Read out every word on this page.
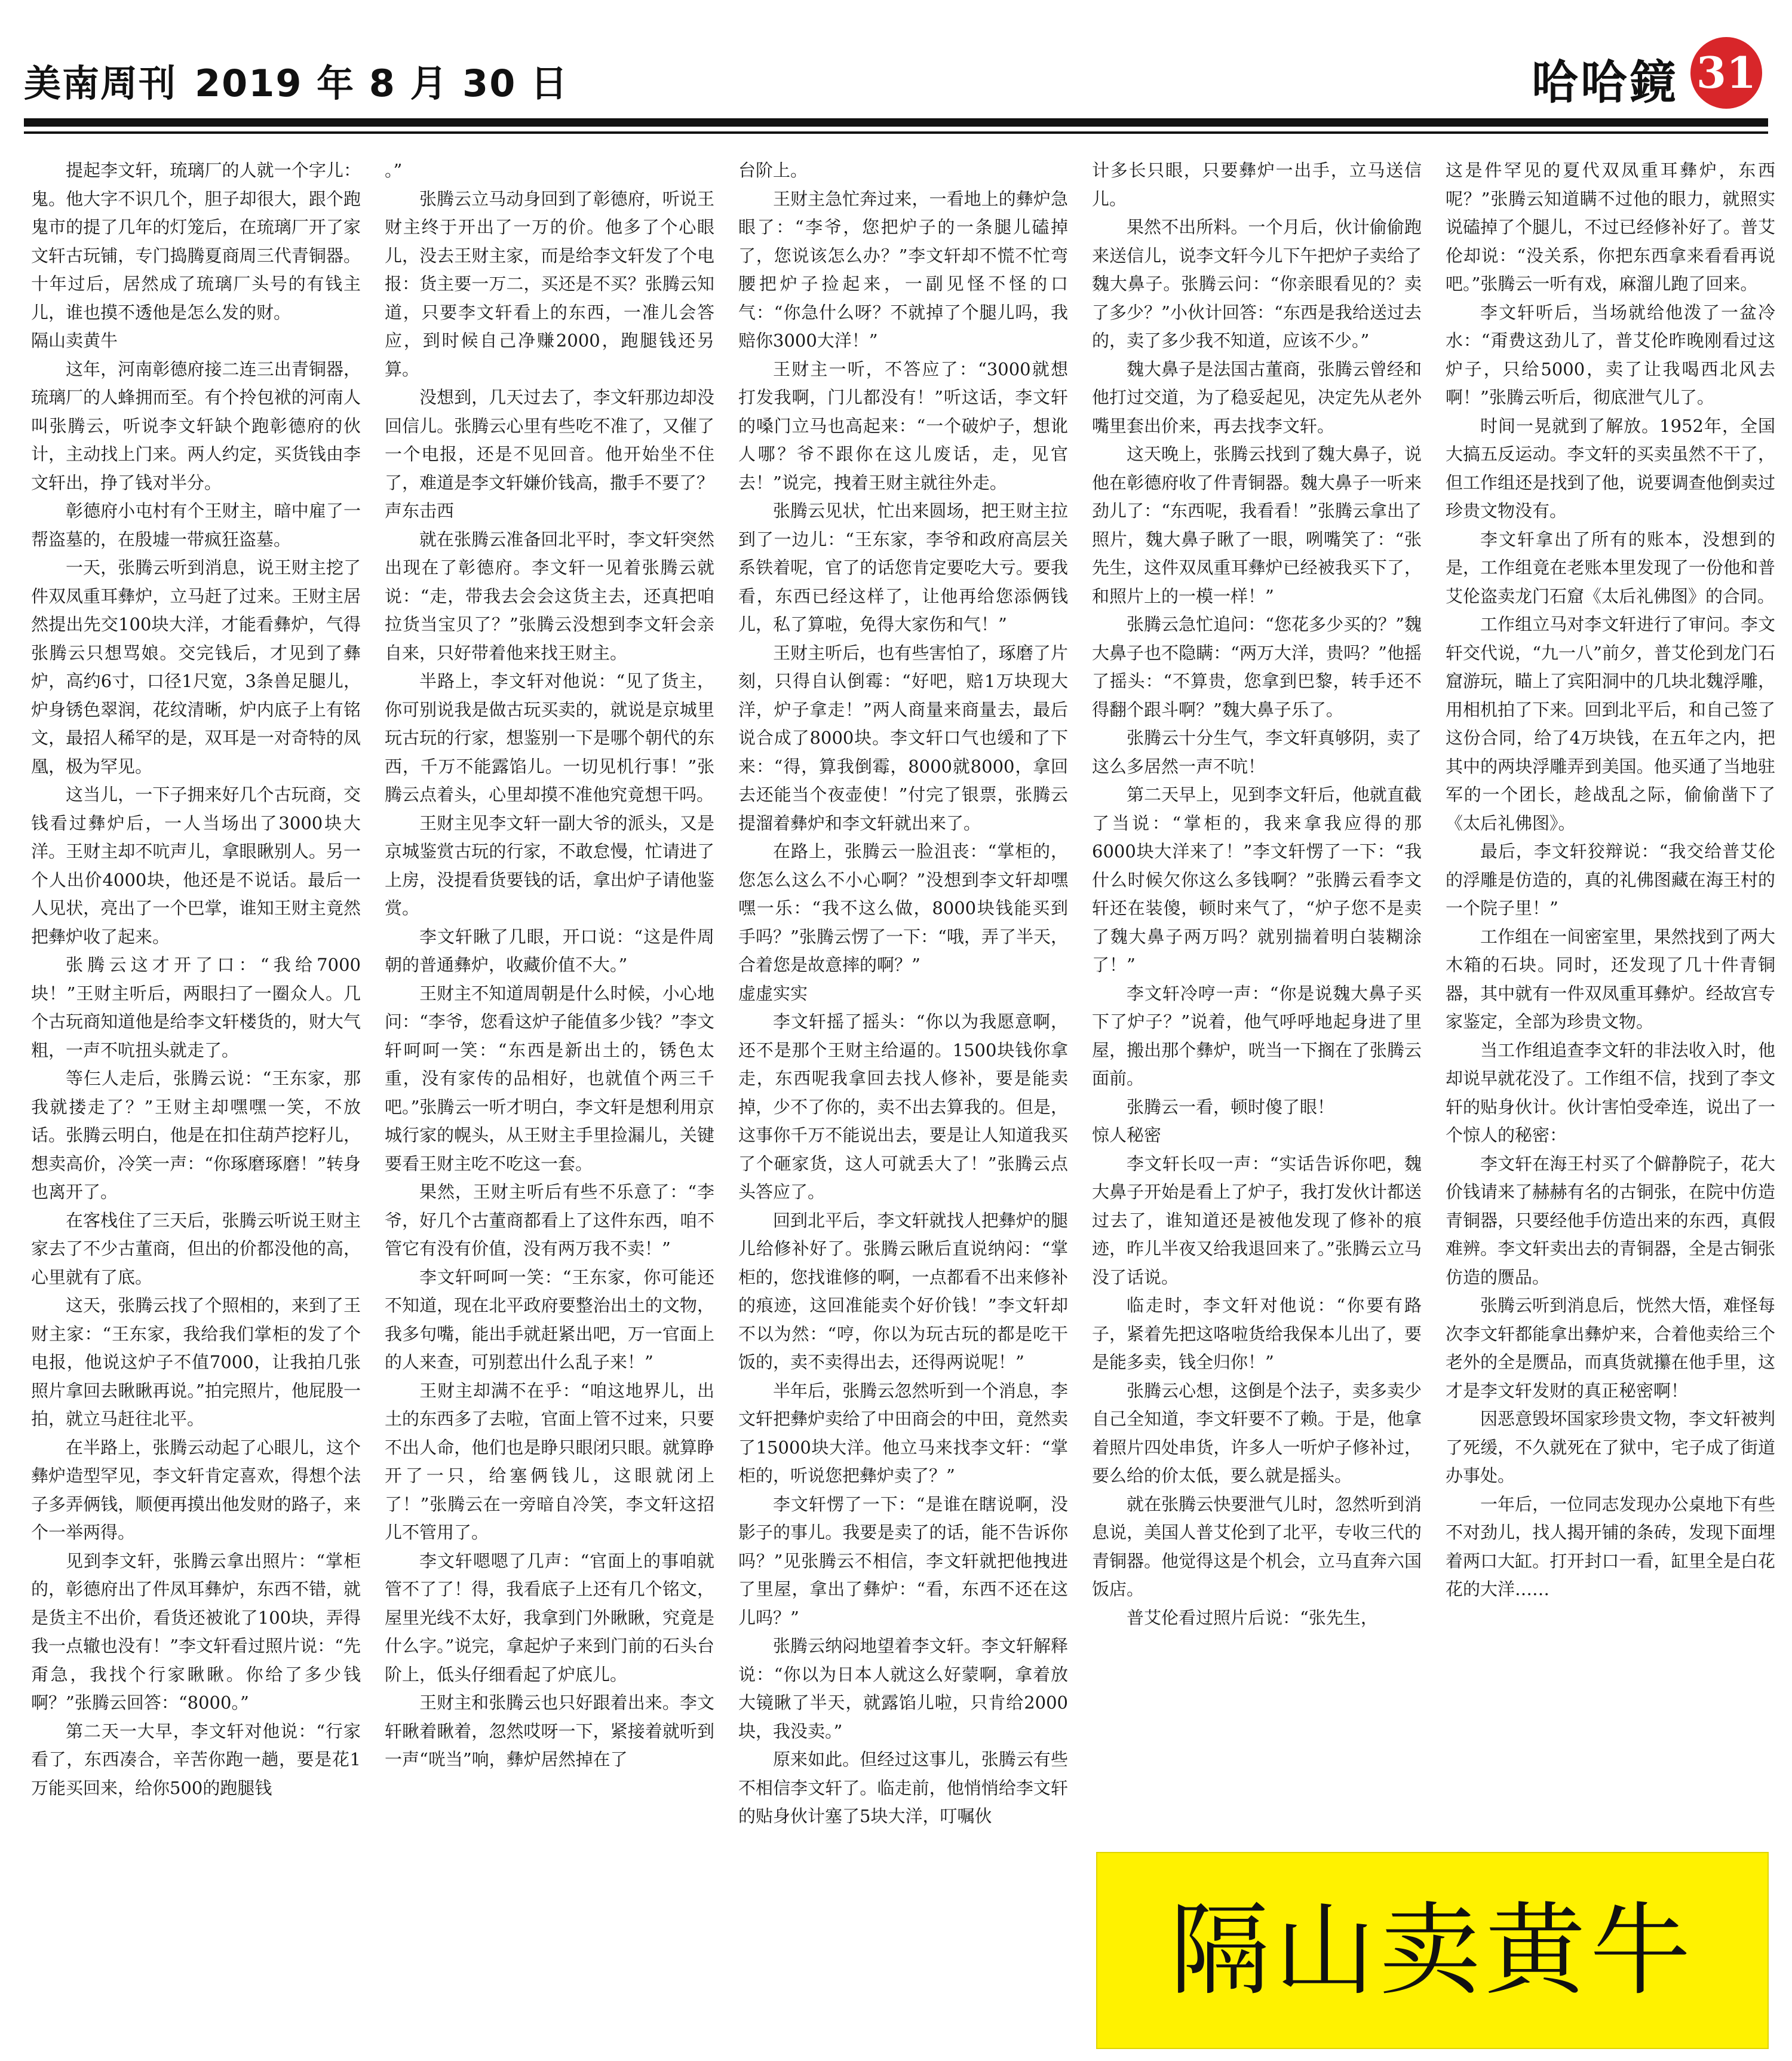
美南周刊 2019 年 8 月 30 日	哈哈鏡 31

提起李文轩，琉璃厂的人就一个字儿：鬼。他大字不识几个，胆子却很大，跟个跑鬼市的提了几年的灯笼后，在琉璃厂开了家文轩古玩铺，专门捣腾夏商周三代青铜器。十年过后，居然成了琉璃厂头号的有钱主儿，谁也摸不透他是怎么发的财。

隔山卖黄牛

这年，河南彰德府接二连三出青铜器，琉璃厂的人蜂拥而至。有个拎包袱的河南人叫张腾云，听说李文轩缺个跑彰德府的伙计，主动找上门来。两人约定，买货钱由李文轩出，挣了钱对半分。

彰德府小屯村有个王财主，暗中雇了一帮盗墓的，在殷墟一带疯狂盗墓。

一天，张腾云听到消息，说王财主挖了件双凤重耳彝炉，立马赶了过来。王财主居然提出先交100块大洋，才能看彝炉，气得张腾云只想骂娘。交完钱后，才见到了彝炉，高约6寸，口径1尺宽，3条兽足腿儿，炉身锈色翠润，花纹清晰，炉内底子上有铭文，最招人稀罕的是，双耳是一对奇特的凤凰，极为罕见。

这当儿，一下子拥来好几个古玩商，交钱看过彝炉后，一人当场出了3000块大洋。王财主却不吭声儿，拿眼瞅别人。另一个人出价4000块，他还是不说话。最后一人见状，亮出了一个巴掌，谁知王财主竟然把彝炉收了起来。

张腾云这才开了口：“我给7000块！”王财主听后，两眼扫了一圈众人。几个古玩商知道他是给李文轩楼货的，财大气粗，一声不吭扭头就走了。

等仨人走后，张腾云说：“王东家，那我就搂走了？”王财主却嘿嘿一笑，不放话。张腾云明白，他是在扣住葫芦挖籽儿，想卖高价，冷笑一声：“你琢磨琢磨！”转身也离开了。

在客栈住了三天后，张腾云听说王财主家去了不少古董商，但出的价都没他的高，心里就有了底。

这天，张腾云找了个照相的，来到了王财主家：“王东家，我给我们掌柜的发了个电报，他说这炉子不值7000，让我拍几张照片拿回去瞅瞅再说。”拍完照片，他屁股一拍，就立马赶往北平。

在半路上，张腾云动起了心眼儿，这个彝炉造型罕见，李文轩肯定喜欢，得想个法子多弄俩钱，顺便再摸出他发财的路子，来个一举两得。

见到李文轩，张腾云拿出照片：“掌柜的，彰德府出了件凤耳彝炉，东西不错，就是货主不出价，看货还被讹了100块，弄得我一点辙也没有！”李文轩看过照片说：“先甭急，我找个行家瞅瞅。你给了多少钱啊？”张腾云回答：“8000。”

第二天一大早，李文轩对他说：“行家看了，东西凑合，辛苦你跑一趟，要是花1万能买回来，给你500的跑腿钱

。”

张腾云立马动身回到了彰德府，听说王财主终于开出了一万的价。他多了个心眼儿，没去王财主家，而是给李文轩发了个电报：货主要一万二，买还是不买？张腾云知道，只要李文轩看上的东西，一准儿会答应，到时候自己净赚2000，跑腿钱还另算。

没想到，几天过去了，李文轩那边却没回信儿。张腾云心里有些吃不准了，又催了一个电报，还是不见回音。他开始坐不住了，难道是李文轩嫌价钱高，撒手不要了？

声东击西

就在张腾云准备回北平时，李文轩突然出现在了彰德府。李文轩一见着张腾云就说：“走，带我去会会这货主去，还真把咱拉货当宝贝了？”张腾云没想到李文轩会亲自来，只好带着他来找王财主。

半路上，李文轩对他说：“见了货主，你可别说我是做古玩买卖的，就说是京城里玩古玩的行家，想鉴别一下是哪个朝代的东西，千万不能露馅儿。一切见机行事！”张腾云点着头，心里却摸不准他究竟想干吗。

王财主见李文轩一副大爷的派头，又是京城鉴赏古玩的行家，不敢怠慢，忙请进了上房，没提看货要钱的话，拿出炉子请他鉴赏。

李文轩瞅了几眼，开口说：“这是件周朝的普通彝炉，收藏价值不大。”

王财主不知道周朝是什么时候，小心地问：“李爷，您看这炉子能值多少钱？”李文轩呵呵一笑：“东西是新出土的，锈色太重，没有家传的品相好，也就值个两三千吧。”张腾云一听才明白，李文轩是想利用京城行家的幌头，从王财主手里捡漏儿，关键要看王财主吃不吃这一套。

果然，王财主听后有些不乐意了：“李爷，好几个古董商都看上了这件东西，咱不管它有没有价值，没有两万我不卖！”

李文轩呵呵一笑：“王东家，你可能还不知道，现在北平政府要整治出土的文物，我多句嘴，能出手就赶紧出吧，万一官面上的人来查，可别惹出什么乱子来！”

王财主却满不在乎：“咱这地界儿，出土的东西多了去啦，官面上管不过来，只要不出人命，他们也是睁只眼闭只眼。就算睁开了一只，给塞俩钱儿，这眼就闭上了！”张腾云在一旁暗自冷笑，李文轩这招儿不管用了。

李文轩嗯嗯了几声：“官面上的事咱就管不了了！得，我看底子上还有几个铭文，屋里光线不太好，我拿到门外瞅瞅，究竟是什么字。”说完，拿起炉子来到门前的石头台阶上，低头仔细看起了炉底儿。

王财主和张腾云也只好跟着出来。李文轩瞅着瞅着，忽然哎呀一下，紧接着就听到一声“咣当”响，彝炉居然掉在了

台阶上。

王财主急忙奔过来，一看地上的彝炉急眼了：“李爷，您把炉子的一条腿儿磕掉了，您说该怎么办？”李文轩却不慌不忙弯腰把炉子捡起来，一副见怪不怪的口气：“你急什么呀？不就掉了个腿儿吗，我赔你3000大洋！”

王财主一听，不答应了：“3000就想打发我啊，门儿都没有！”听这话，李文轩的嗓门立马也高起来：“一个破炉子，想讹人哪？爷不跟你在这儿废话，走，见官去！”说完，拽着王财主就往外走。

张腾云见状，忙出来圆场，把王财主拉到了一边儿：“王东家，李爷和政府高层关系铁着呢，官了的话您肯定要吃大亏。要我看，东西已经这样了，让他再给您添俩钱儿，私了算啦，免得大家伤和气！”

王财主听后，也有些害怕了，琢磨了片刻，只得自认倒霉：“好吧，赔1万块现大洋，炉子拿走！”两人商量来商量去，最后说合成了8000块。李文轩口气也缓和了下来：“得，算我倒霉，8000就8000，拿回去还能当个夜壶使！”付完了银票，张腾云提溜着彝炉和李文轩就出来了。

在路上，张腾云一脸沮丧：“掌柜的，您怎么这么不小心啊？”没想到李文轩却嘿嘿一乐：“我不这么做，8000块钱能买到手吗？”张腾云愣了一下：“哦，弄了半天，合着您是故意摔的啊？”

虚虚实实

李文轩摇了摇头：“你以为我愿意啊，还不是那个王财主给逼的。1500块钱你拿走，东西呢我拿回去找人修补，要是能卖掉，少不了你的，卖不出去算我的。但是，这事你千万不能说出去，要是让人知道我买了个砸家货，这人可就丢大了！”张腾云点头答应了。

回到北平后，李文轩就找人把彝炉的腿儿给修补好了。张腾云瞅后直说纳闷：“掌柜的，您找谁修的啊，一点都看不出来修补的痕迹，这回准能卖个好价钱！”李文轩却不以为然：“哼，你以为玩古玩的都是吃干饭的，卖不卖得出去，还得两说呢！”

半年后，张腾云忽然听到一个消息，李文轩把彝炉卖给了中田商会的中田，竟然卖了15000块大洋。他立马来找李文轩：“掌柜的，听说您把彝炉卖了？”

李文轩愣了一下：“是谁在瞎说啊，没影子的事儿。我要是卖了的话，能不告诉你吗？”见张腾云不相信，李文轩就把他拽进了里屋，拿出了彝炉：“看，东西不还在这儿吗？”

张腾云纳闷地望着李文轩。李文轩解释说：“你以为日本人就这么好蒙啊，拿着放大镜瞅了半天，就露馅儿啦，只肯给2000块，我没卖。”

原来如此。但经过这事儿，张腾云有些不相信李文轩了。临走前，他悄悄给李文轩的贴身伙计塞了5块大洋，叮嘱伙

计多长只眼，只要彝炉一出手，立马送信儿。

果然不出所料。一个月后，伙计偷偷跑来送信儿，说李文轩今儿下午把炉子卖给了魏大鼻子。张腾云问：“你亲眼看见的？卖了多少？”小伙计回答：“东西是我给送过去的，卖了多少我不知道，应该不少。”

魏大鼻子是法国古董商，张腾云曾经和他打过交道，为了稳妥起见，决定先从老外嘴里套出价来，再去找李文轩。

这天晚上，张腾云找到了魏大鼻子，说他在彰德府收了件青铜器。魏大鼻子一听来劲儿了：“东西呢，我看看！”张腾云拿出了照片，魏大鼻子瞅了一眼，咧嘴笑了：“张先生，这件双凤重耳彝炉已经被我买下了，和照片上的一模一样！”

张腾云急忙追问：“您花多少买的？”魏大鼻子也不隐瞒：“两万大洋，贵吗？”他摇了摇头：“不算贵，您拿到巴黎，转手还不得翻个跟斗啊？”魏大鼻子乐了。

张腾云十分生气，李文轩真够阴，卖了这么多居然一声不吭！

第二天早上，见到李文轩后，他就直截了当说：“掌柜的，我来拿我应得的那6000块大洋来了！”李文轩愣了一下：“我什么时候欠你这么多钱啊？”张腾云看李文轩还在装傻，顿时来气了，“炉子您不是卖了魏大鼻子两万吗？就别揣着明白装糊涂了！”

李文轩冷哼一声：“你是说魏大鼻子买下了炉子？”说着，他气呼呼地起身进了里屋，搬出那个彝炉，咣当一下搁在了张腾云面前。

张腾云一看，顿时傻了眼！

惊人秘密

李文轩长叹一声：“实话告诉你吧，魏大鼻子开始是看上了炉子，我打发伙计都送过去了，谁知道还是被他发现了修补的痕迹，昨儿半夜又给我退回来了。”张腾云立马没了话说。

临走时，李文轩对他说：“你要有路子，紧着先把这咯啦货给我保本儿出了，要是能多卖，钱全归你！”

张腾云心想，这倒是个法子，卖多卖少自己全知道，李文轩要不了赖。于是，他拿着照片四处串货，许多人一听炉子修补过，要么给的价太低，要么就是摇头。

就在张腾云快要泄气儿时，忽然听到消息说，美国人普艾伦到了北平，专收三代的青铜器。他觉得这是个机会，立马直奔六国饭店。

普艾伦看过照片后说：“张先生，

这是件罕见的夏代双凤重耳彝炉，东西呢？”张腾云知道瞒不过他的眼力，就照实说磕掉了个腿儿，不过已经修补好了。普艾伦却说：“没关系，你把东西拿来看看再说吧。”张腾云一听有戏，麻溜儿跑了回来。

李文轩听后，当场就给他泼了一盆冷水：“甭费这劲儿了，普艾伦昨晚刚看过这炉子，只给5000，卖了让我喝西北风去啊！”张腾云听后，彻底泄气儿了。

时间一晃就到了解放。1952年，全国大搞五反运动。李文轩的买卖虽然不干了，但工作组还是找到了他，说要调查他倒卖过珍贵文物没有。

李文轩拿出了所有的账本，没想到的是，工作组竟在老账本里发现了一份他和普艾伦盗卖龙门石窟《太后礼佛图》的合同。

工作组立马对李文轩进行了审问。李文轩交代说，“九一八”前夕，普艾伦到龙门石窟游玩，瞄上了宾阳洞中的几块北魏浮雕，用相机拍了下来。回到北平后，和自己签了这份合同，给了4万块钱，在五年之内，把其中的两块浮雕弄到美国。他买通了当地驻军的一个团长，趁战乱之际，偷偷凿下了《太后礼佛图》。

最后，李文轩狡辩说：“我交给普艾伦的浮雕是仿造的，真的礼佛图藏在海王村的一个院子里！”

工作组在一间密室里，果然找到了两大木箱的石块。同时，还发现了几十件青铜器，其中就有一件双凤重耳彝炉。经故宫专家鉴定，全部为珍贵文物。

当工作组追查李文轩的非法收入时，他却说早就花没了。工作组不信，找到了李文轩的贴身伙计。伙计害怕受牵连，说出了一个惊人的秘密：

李文轩在海王村买了个僻静院子，花大价钱请来了赫赫有名的古铜张，在院中仿造青铜器，只要经他手仿造出来的东西，真假难辨。李文轩卖出去的青铜器，全是古铜张仿造的赝品。

张腾云听到消息后，恍然大悟，难怪每次李文轩都能拿出彝炉来，合着他卖给三个老外的全是赝品，而真货就攥在他手里，这才是李文轩发财的真正秘密啊！

因恶意毁坏国家珍贵文物，李文轩被判了死缓，不久就死在了狱中，宅子成了街道办事处。

一年后，一位同志发现办公桌地下有些不对劲儿，找人揭开铺的条砖，发现下面埋着两口大缸。打开封口一看，缸里全是白花花的大洋……

隔山卖黄牛
